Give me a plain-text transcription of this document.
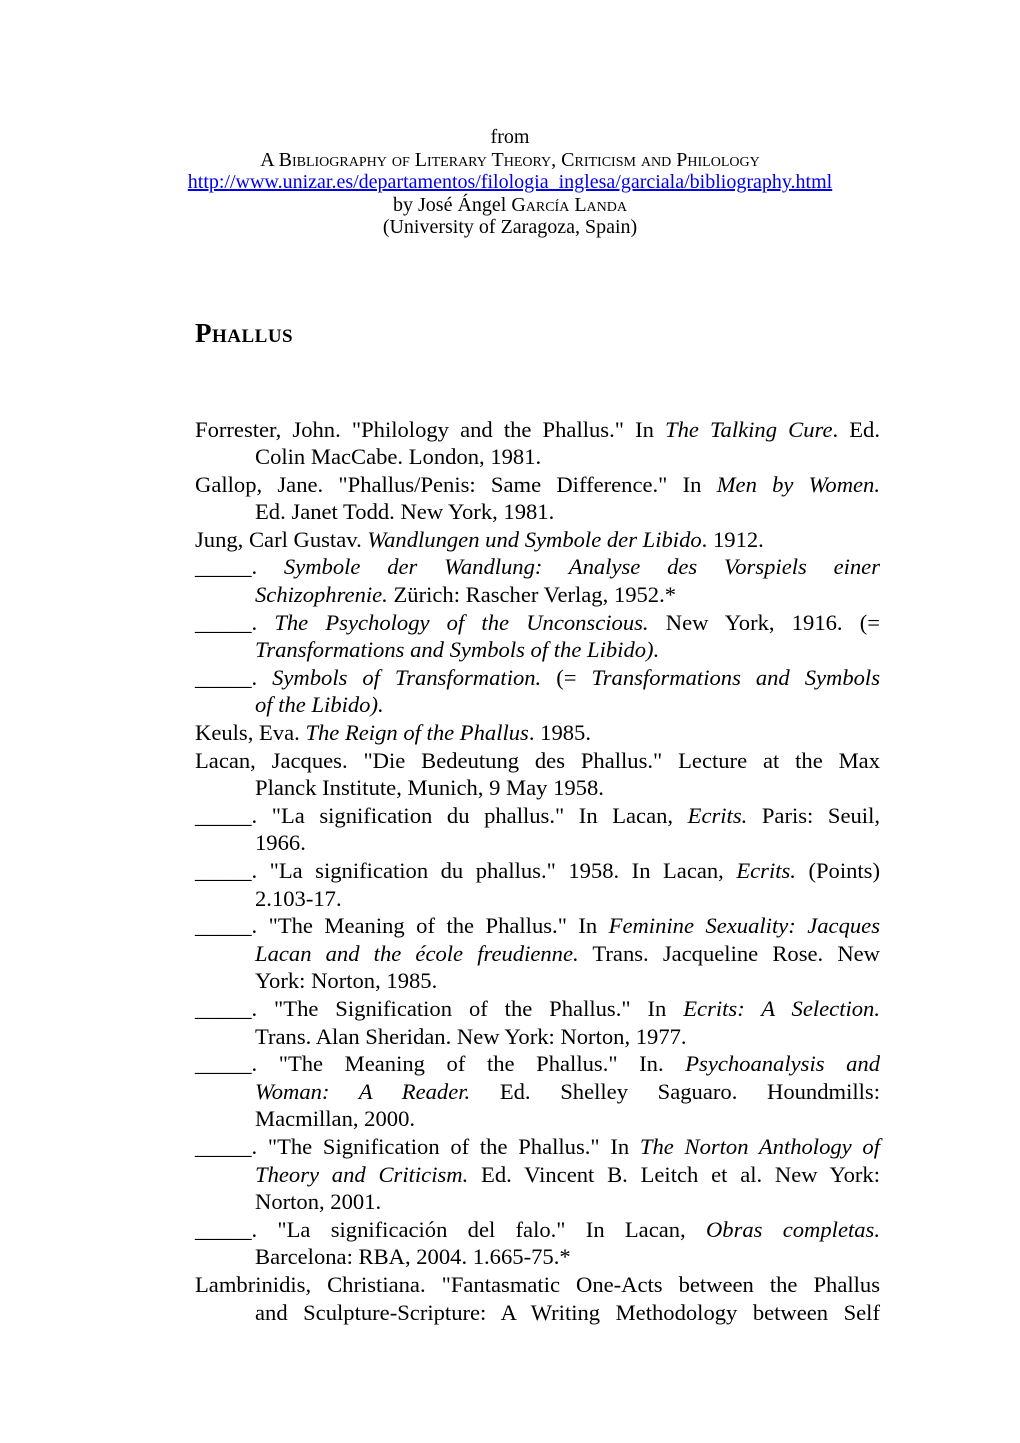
from
A Bibliography of Literary Theory, Criticism and Philology
http://www.unizar.es/departamentos/filologia_inglesa/garciala/bibliography.html
by José Ángel García Landa
(University of Zaragoza, Spain)
Phallus
Forrester, John. "Philology and the Phallus." In The Talking Cure. Ed.
Colin MacCabe. London, 1981.
Gallop, Jane. "Phallus/Penis: Same Difference." In Men by Women.
Ed. Janet Todd. New York, 1981.
Jung, Carl Gustav. Wandlungen und Symbole der Libido. 1912.
_____. Symbole der Wandlung: Analyse des Vorspiels einer
Schizophrenie. Zürich: Rascher Verlag, 1952.*
_____. The Psychology of the Unconscious. New York, 1916. (=
Transformations and Symbols of the Libido).
_____. Symbols of Transformation. (= Transformations and Symbols
of the Libido).
Keuls, Eva. The Reign of the Phallus. 1985.
Lacan, Jacques. "Die Bedeutung des Phallus." Lecture at the Max
Planck Institute, Munich, 9 May 1958.
_____. "La signification du phallus." In Lacan, Ecrits. Paris: Seuil,
1966.
_____. "La signification du phallus." 1958. In Lacan, Ecrits. (Points)
2.103-17.
_____. "The Meaning of the Phallus." In Feminine Sexuality: Jacques
Lacan and the école freudienne. Trans. Jacqueline Rose. New
York: Norton, 1985.
_____. "The Signification of the Phallus." In Ecrits: A Selection.
Trans. Alan Sheridan. New York: Norton, 1977.
_____. "The Meaning of the Phallus." In. Psychoanalysis and
Woman: A Reader. Ed. Shelley Saguaro. Houndmills:
Macmillan, 2000.
_____. "The Signification of the Phallus." In The Norton Anthology of
Theory and Criticism. Ed. Vincent B. Leitch et al. New York:
Norton, 2001.
_____. "La significación del falo." In Lacan, Obras completas.
Barcelona: RBA, 2004. 1.665-75.*
Lambrinidis, Christiana. "Fantasmatic One-Acts between the Phallus
and Sculpture-Scripture: A Writing Methodology between Self
